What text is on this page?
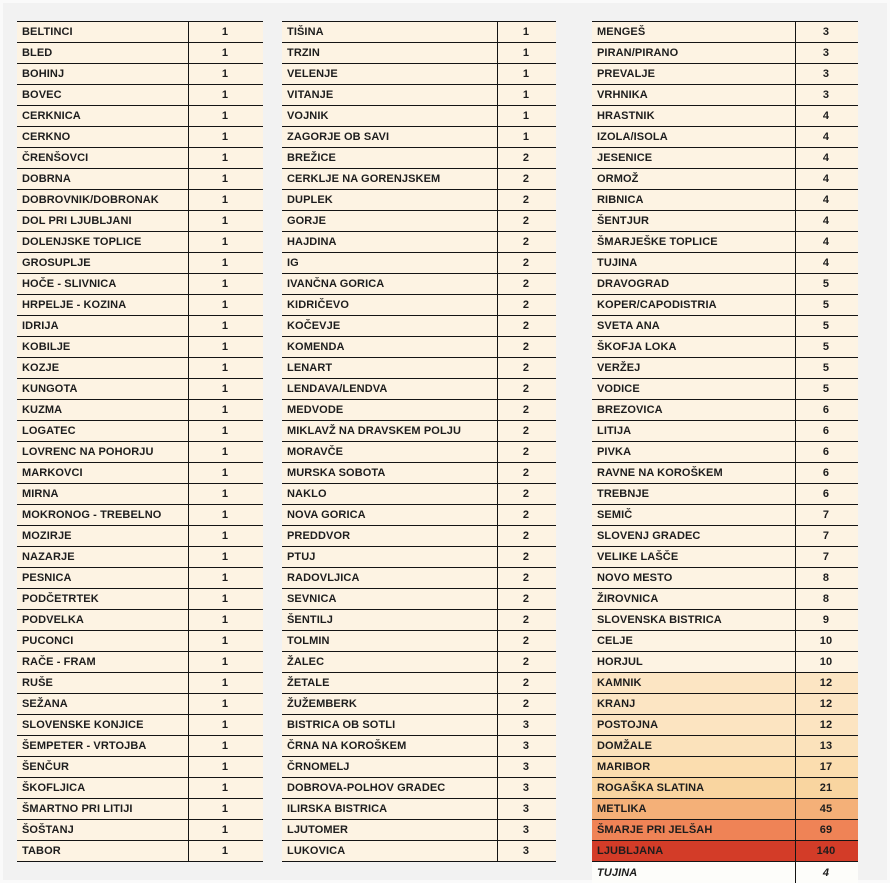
BELTINCI	1
BLED	1
BOHINJ	1
BOVEC	1
CERKNICA	1
CERKNO	1
ČRENŠOVCI	1
DOBRNA	1
DOBROVNIK/DOBRONAK	1
DOL PRI LJUBLJANI	1
DOLENJSKE TOPLICE	1
GROSUPLJE	1
HOČE - SLIVNICA	1
HRPELJE - KOZINA	1
IDRIJA	1
KOBILJE	1
KOZJE	1
KUNGOTA	1
KUZMA	1
LOGATEC	1
LOVRENC NA POHORJU	1
MARKOVCI	1
MIRNA	1
MOKRONOG - TREBELNO	1
MOZIRJE	1
NAZARJE	1
PESNICA	1
PODČETRTEK	1
PODVELKA	1
PUCONCI	1
RAČE - FRAM	1
RUŠE	1
SEŽANA	1
SLOVENSKE KONJICE	1
ŠEMPETER - VRTOJBA	1
ŠENČUR	1
ŠKOFLJICA	1
ŠMARTNO PRI LITIJI	1
ŠOŠTANJ	1
TABOR	1
TIŠINA	1
TRZIN	1
VELENJE	1
VITANJE	1
VOJNIK	1
ZAGORJE OB SAVI	1
BREŽICE	2
CERKLJE NA GORENJSKEM	2
DUPLEK	2
GORJE	2
HAJDINA	2
IG	2
IVANČNA GORICA	2
KIDRIČEVO	2
KOČEVJE	2
KOMENDA	2
LENART	2
LENDAVA/LENDVA	2
MEDVODE	2
MIKLAVŽ NA DRAVSKEM POLJU	2
MORAVČE	2
MURSKA SOBOTA	2
NAKLO	2
NOVA GORICA	2
PREDDVOR	2
PTUJ	2
RADOVLJICA	2
SEVNICA	2
ŠENTILJ	2
TOLMIN	2
ŽALEC	2
ŽETALE	2
ŽUŽEMBERK	2
BISTRICA OB SOTLI	3
ČRNA NA KOROŠKEM	3
ČRNOMELJ	3
DOBROVA-POLHOV GRADEC	3
ILIRSKA BISTRICA	3
LJUTOMER	3
LUKOVICA	3
MENGEŠ	3
PIRAN/PIRANO	3
PREVALJE	3
VRHNIKA	3
HRASTNIK	4
IZOLA/ISOLA	4
JESENICE	4
ORMOŽ	4
RIBNICA	4
ŠENTJUR	4
ŠMARJEŠKE TOPLICE	4
TUJINA	4
DRAVOGRAD	5
KOPER/CAPODISTRIA	5
SVETA ANA	5
ŠKOFJA LOKA	5
VERŽEJ	5
VODICE	5
BREZOVICA	6
LITIJA	6
PIVKA	6
RAVNE NA KOROŠKEM	6
TREBNJE	6
SEMIČ	7
SLOVENJ GRADEC	7
VELIKE LAŠČE	7
NOVO MESTO	8
ŽIROVNICA	8
SLOVENSKA BISTRICA	9
CELJE	10
HORJUL	10
KAMNIK	12
KRANJ	12
POSTOJNA	12
DOMŽALE	13
MARIBOR	17
ROGAŠKA SLATINA	21
METLIKA	45
ŠMARJE PRI JELŠAH	69
LJUBLJANA	140
TUJINA	4
